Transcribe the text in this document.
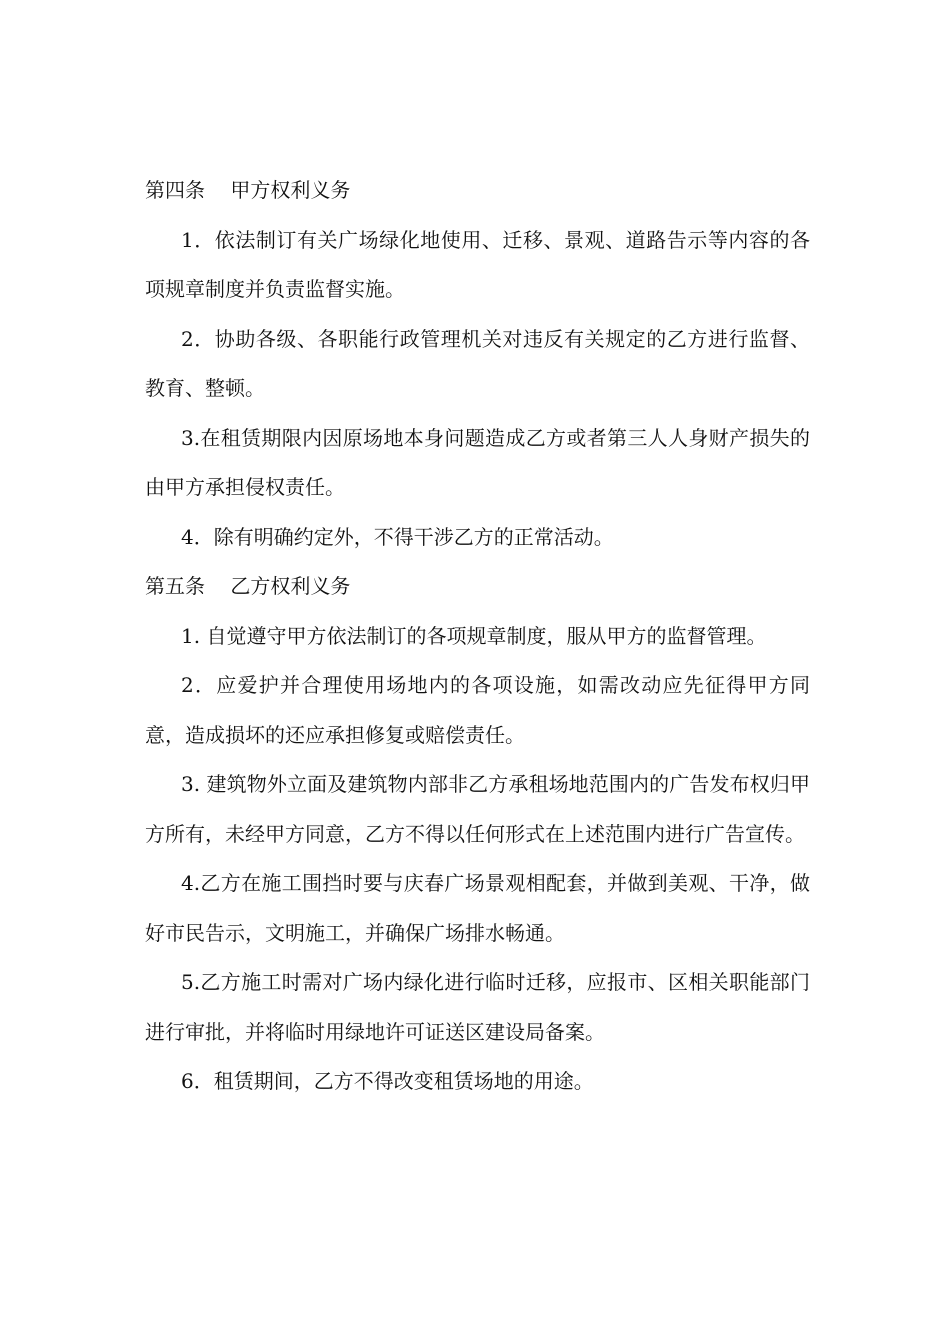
第四条    甲方权利义务

1．依法制订有关广场绿化地使用、迁移、景观、道路告示等内容的各项规章制度并负责监督实施。

2．协助各级、各职能行政管理机关对违反有关规定的乙方进行监督、教育、整顿。

3.在租赁期限内因原场地本身问题造成乙方或者第三人人身财产损失的由甲方承担侵权责任。

4．除有明确约定外，不得干涉乙方的正常活动。

第五条    乙方权利义务

1. 自觉遵守甲方依法制订的各项规章制度，服从甲方的监督管理。

2．应爱护并合理使用场地内的各项设施，如需改动应先征得甲方同意，造成损坏的还应承担修复或赔偿责任。

3. 建筑物外立面及建筑物内部非乙方承租场地范围内的广告发布权归甲方所有，未经甲方同意，乙方不得以任何形式在上述范围内进行广告宣传。

4.乙方在施工围挡时要与庆春广场景观相配套，并做到美观、干净，做好市民告示，文明施工，并确保广场排水畅通。

5.乙方施工时需对广场内绿化进行临时迁移，应报市、区相关职能部门进行审批，并将临时用绿地许可证送区建设局备案。

6．租赁期间，乙方不得改变租赁场地的用途。
